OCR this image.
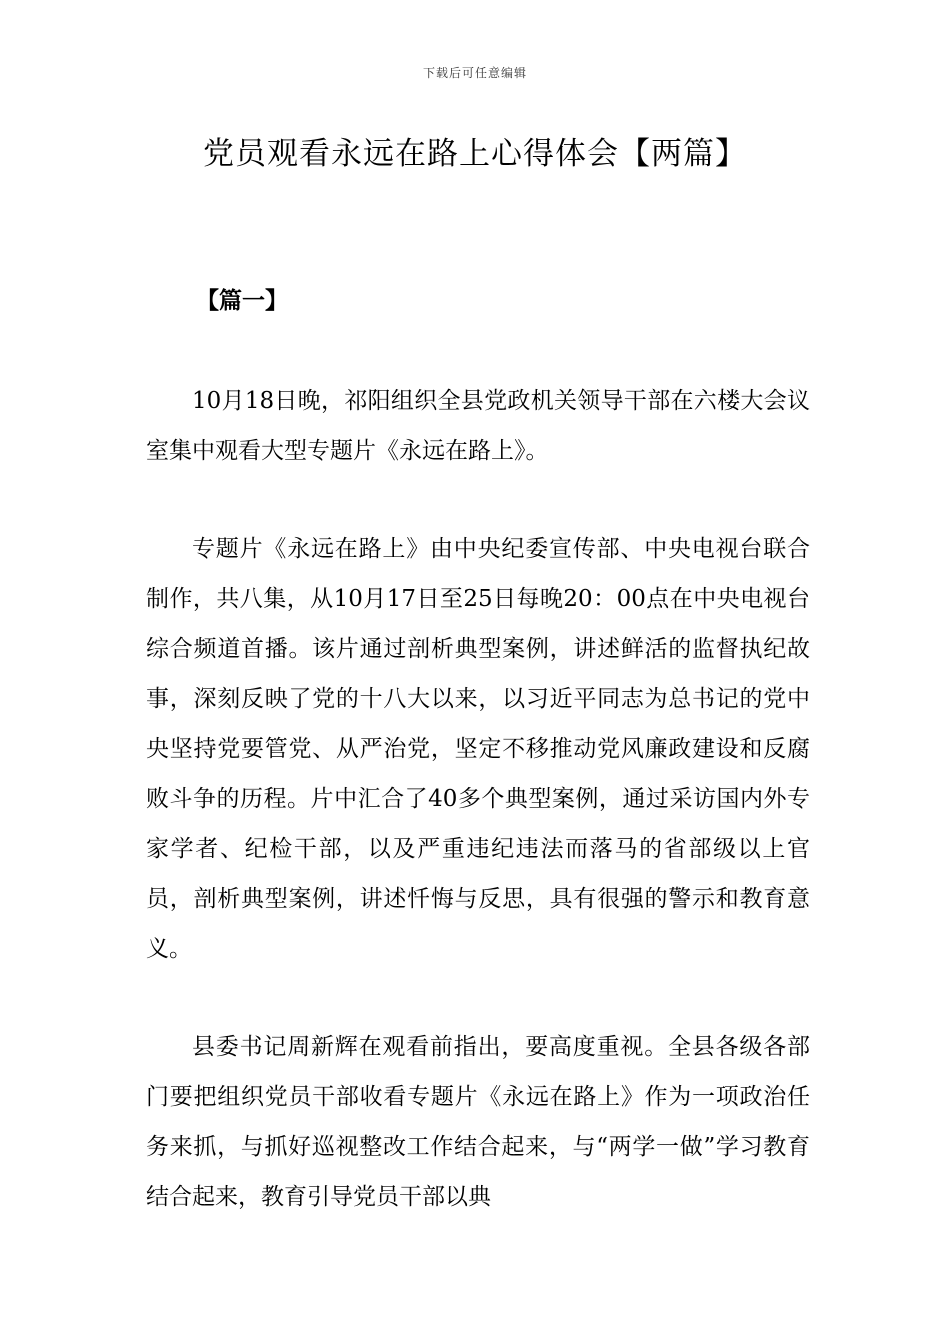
下载后可任意编辑
党员观看永远在路上心得体会【两篇】
【篇一】

10月18日晚，祁阳组织全县党政机关领导干部在六楼大会议室集中观看大型专题片《永远在路上》。

专题片《永远在路上》由中央纪委宣传部、中央电视台联合制作，共八集，从10月17日至25日每晚20：00点在中央电视台综合频道首播。该片通过剖析典型案例，讲述鲜活的监督执纪故事，深刻反映了党的十八大以来，以习近平同志为总书记的党中央坚持党要管党、从严治党，坚定不移推动党风廉政建设和反腐败斗争的历程。片中汇合了40多个典型案例，通过采访国内外专家学者、纪检干部，以及严重违纪违法而落马的省部级以上官员，剖析典型案例，讲述忏悔与反思，具有很强的警示和教育意义。

县委书记周新辉在观看前指出，要高度重视。全县各级各部门要把组织党员干部收看专题片《永远在路上》作为一项政治任务来抓，与抓好巡视整改工作结合起来，与“两学一做”学习教育结合起来，教育引导党员干部以典
